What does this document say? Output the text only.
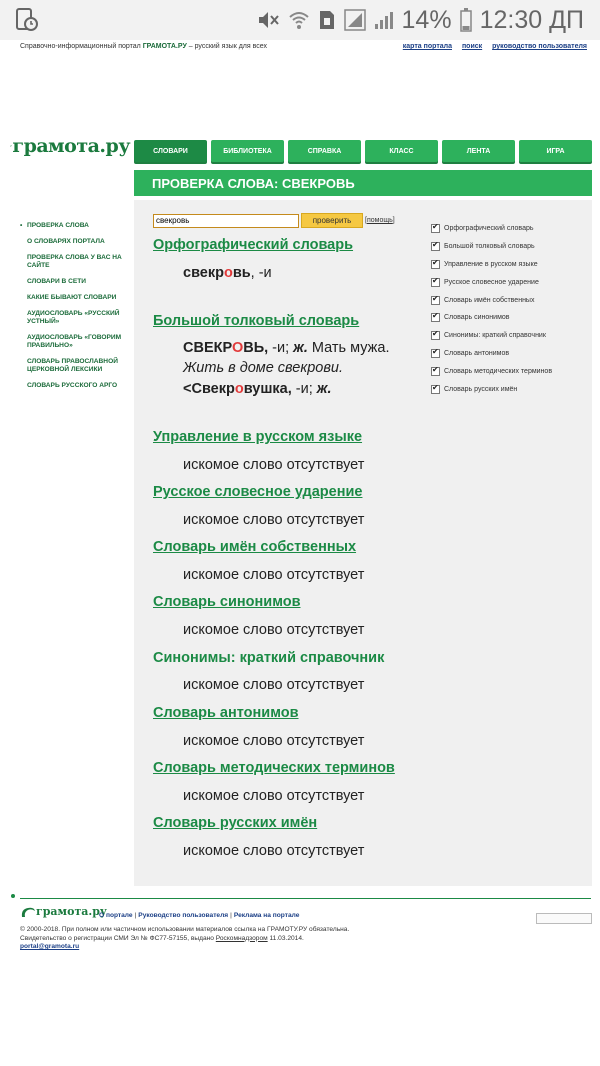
14% 12:30 ДП
Справочно-информационный портал ГРАМОТА.РУ – русский язык для всех	карта портала поиск руководство пользователя
грамота.ру	СЛОВАРИ	БИБЛИОТЕКА	СПРАВКА	КЛАСС	ЛЕНТА	ИГРА
• ПРОВЕРКА СЛОВА
О СЛОВАРЯХ ПОРТАЛА
ПРОВЕРКА СЛОВА У ВАС НА САЙТЕ
СЛОВАРИ В СЕТИ
КАКИЕ БЫВАЮТ СЛОВАРИ
АУДИОСЛОВАРЬ «РУССКИЙ УСТНЫЙ»
АУДИОСЛОВАРЬ «ГОВОРИМ ПРАВИЛЬНО»
СЛОВАРЬ ПРАВОСЛАВНОЙ ЦЕРКОВНОЙ ЛЕКСИКИ
СЛОВАРЬ РУССКОГО АРГО
ПРОВЕРКА СЛОВА: СВЕКРОВЬ
свекровь
проверить	[ помощь ]
Орфографический словарь
свекровь, -и
Большой толковый словарь
СВЕКРОВЬ, -и; ж. Мать мужа.
Жить в доме свекрови.
<Свекровушка, -и; ж.
Управление в русском языке
искомое слово отсутствует
Русское словесное ударение
искомое слово отсутствует
Словарь имён собственных
искомое слово отсутствует
Словарь синонимов
искомое слово отсутствует
Синонимы: краткий справочник
искомое слово отсутствует
Словарь антонимов
искомое слово отсутствует
Словарь методических терминов
искомое слово отсутствует
Словарь русских имён
искомое слово отсутствует
✔
Орфографический словарь
✔
Большой толковый словарь
✔
Управление в русском языке
✔
Русское словесное ударение
✔
Словарь имён собственных
✔
Словарь синонимов
✔
Синонимы: краткий справочник
✔
Словарь антонимов
✔
Словарь методических терминов
✔
Словарь русских имён
грамота.ру
О портале | Руководство пользователя | Реклама на портале
© 2000-2018. При полном или частичном использовании материалов ссылка на ГРАМОТУ.РУ обязательна.
Свидетельство о регистрации СМИ Эл № ФС77-57155, выдано Роскомнадзором 11.03.2014.
portal@gramota.ru
